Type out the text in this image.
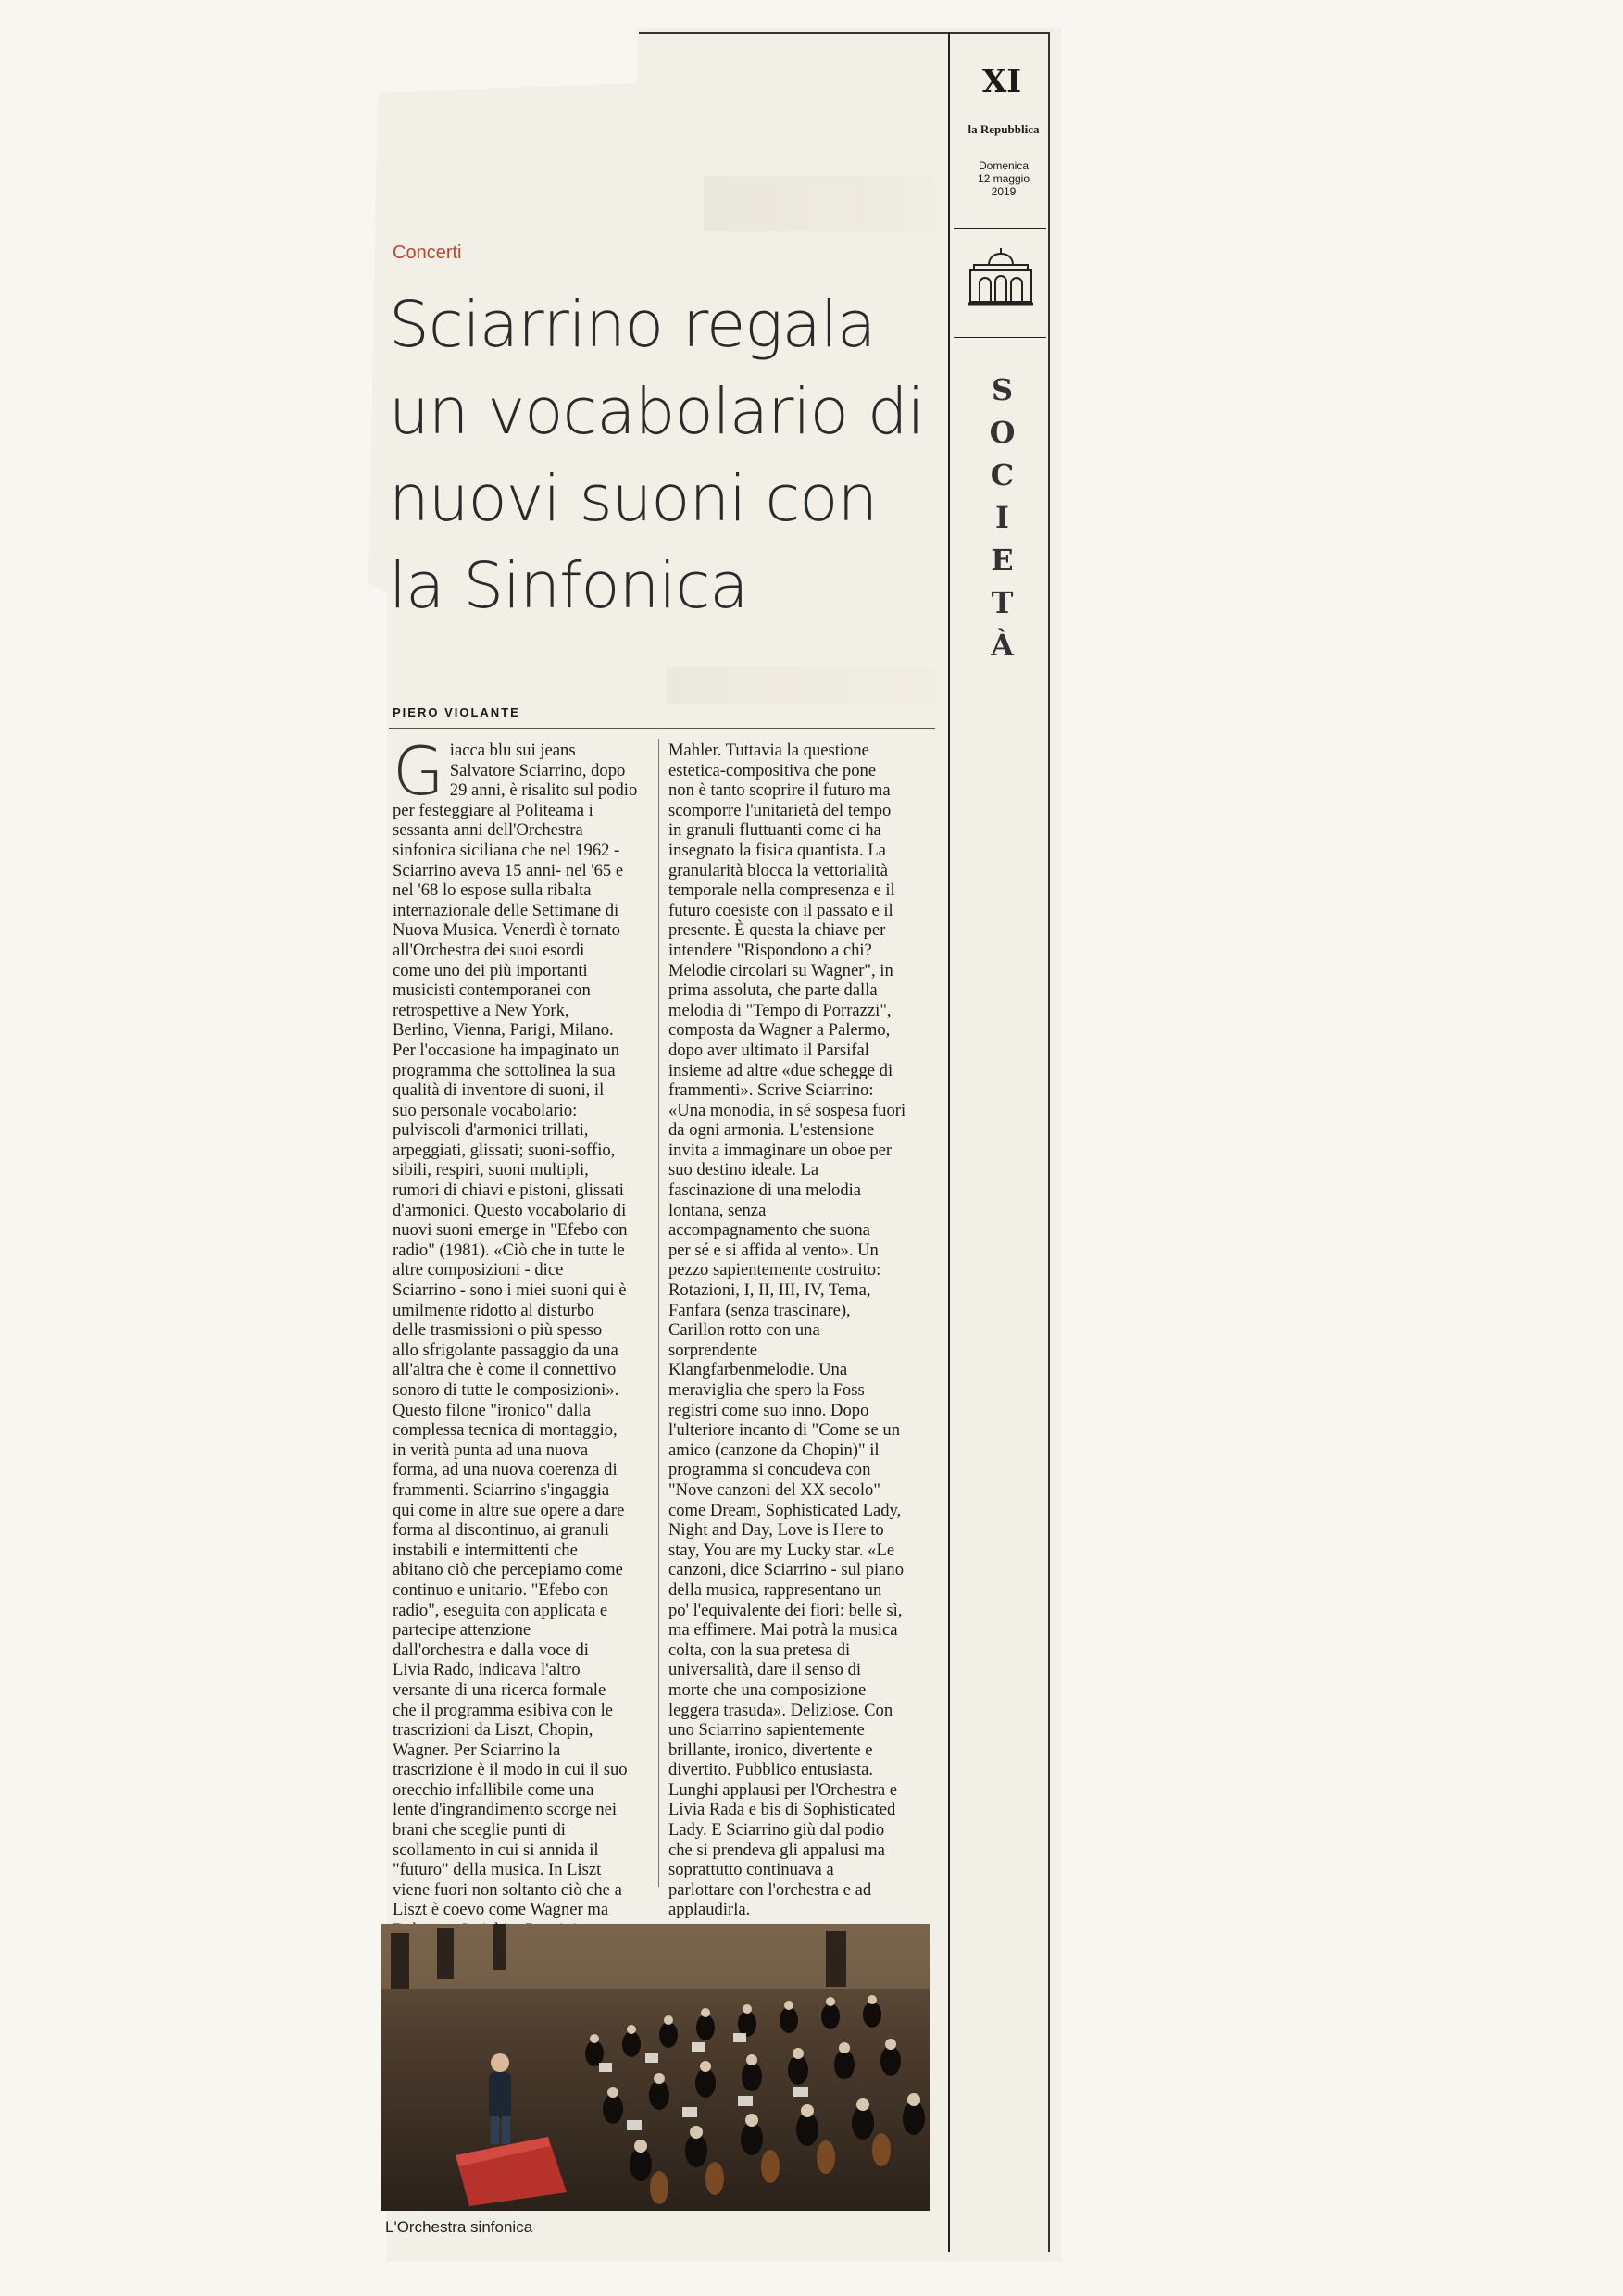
XI
la Repubblica
Domenica
12 maggio
2019
S
O
C
I
E
T
À
Concerti
Sciarrino regala un vocabolario di nuovi suoni con la Sinfonica
PIERO VIOLANTE
G iacca blu sui jeans
Salvatore Sciarrino, dopo
29 anni, è risalito sul podio
per festeggiare al Politeama i
sessanta anni dell'Orchestra
sinfonica siciliana che nel 1962 -
Sciarrino aveva 15 anni- nel '65 e
nel '68 lo espose sulla ribalta
internazionale delle Settimane di
Nuova Musica. Venerdì è tornato
all'Orchestra dei suoi esordi
come uno dei più importanti
musicisti contemporanei con
retrospettive a New York,
Berlino, Vienna, Parigi, Milano.
Per l'occasione ha impaginato un
programma che sottolinea la sua
qualità di inventore di suoni, il
suo personale vocabolario:
pulviscoli d'armonici trillati,
arpeggiati, glissati; suoni-soffio,
sibili, respiri, suoni multipli,
rumori di chiavi e pistoni, glissati
d'armonici. Questo vocabolario di
nuovi suoni emerge in "Efebo con
radio" (1981). «Ciò che in tutte le
altre composizioni - dice
Sciarrino - sono i miei suoni qui è
umilmente ridotto al disturbo
delle trasmissioni o più spesso
allo sfrigolante passaggio da una
all'altra che è come il connettivo
sonoro di tutte le composizioni».
Questo filone "ironico" dalla
complessa tecnica di montaggio,
in verità punta ad una nuova
forma, ad una nuova coerenza di
frammenti. Sciarrino s'ingaggia
qui come in altre sue opere a dare
forma al discontinuo, ai granuli
instabili e intermittenti che
abitano ciò che percepiamo come
continuo e unitario. "Efebo con
radio", eseguita con applicata e
partecipe attenzione
dall'orchestra e dalla voce di
Livia Rado, indicava l'altro
versante di una ricerca formale
che il programma esibiva con le
trascrizioni da Liszt, Chopin,
Wagner. Per Sciarrino la
trascrizione è il modo in cui il suo
orecchio infallibile come una
lente d'ingrandimento scorge nei
brani che sceglie punti di
scollamento in cui si annida il
"futuro" della musica. In Liszt
viene fuori non soltanto ciò che a
Liszt è coevo come Wagner ma

Mahler. Tuttavia la questione
estetica-compositiva che pone
non è tanto scoprire il futuro ma
scomporre l'unitarietà del tempo
in granuli fluttuanti come ci ha
insegnato la fisica quantista. La
granularità blocca la vettorialità
temporale nella compresenza e il
futuro coesiste con il passato e il
presente. È questa la chiave per
intendere "Rispondono a chi?
Melodie circolari su Wagner", in
prima assoluta, che parte dalla
melodia di "Tempo di Porrazzi",
composta da Wagner a Palermo,
dopo aver ultimato il Parsifal
insieme ad altre «due schegge di
frammenti». Scrive Sciarrino:
«Una monodia, in sé sospesa fuori
da ogni armonia. L'estensione
invita a immaginare un oboe per
suo destino ideale. La
fascinazione di una melodia
lontana, senza
accompagnamento che suona
per sé e si affida al vento». Un
pezzo sapientemente costruito:
Rotazioni, I, II, III, IV, Tema,
Fanfara (senza trascinare),
Carillon rotto con una
sorprendente
Klangfarbenmelodie. Una
meraviglia che spero la Foss
registri come suo inno. Dopo
l'ulteriore incanto di "Come se un
amico (canzone da Chopin)" il
programma si concudeva con
"Nove canzoni del XX secolo"
come Dream, Sophisticated Lady,
Night and Day, Love is Here to
stay, You are my Lucky star. «Le
canzoni, dice Sciarrino - sul piano
della musica, rappresentano un
po' l'equivalente dei fiori: belle sì,
ma effimere. Mai potrà la musica
colta, con la sua pretesa di
universalità, dare il senso di
morte che una composizione
leggera trasuda». Deliziose. Con
uno Sciarrino sapientemente
brillante, ironico, divertente e
divertito. Pubblico entusiasta.
Lunghi applausi per l'Orchestra e
Livia Rada e bis di Sophisticated
Lady. E Sciarrino giù dal podio
che si prendeva gli appalusi ma
soprattutto continuava a
parlottare con l'orchestra e ad
applaudirla.

L'Orchestra sinfonica
